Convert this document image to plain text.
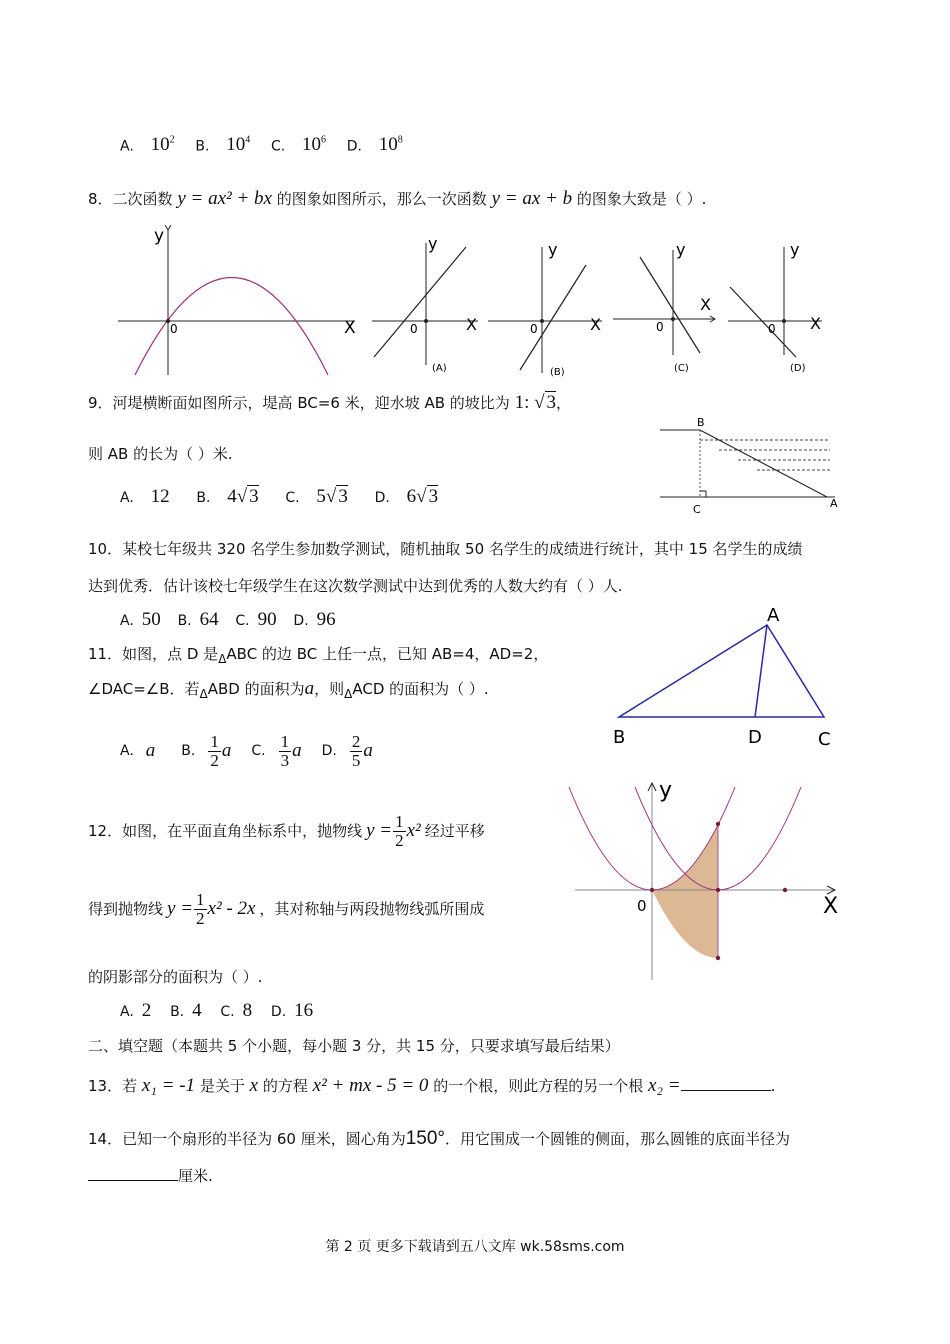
A. $10^2$ B. $10^4$ C. $10^6$ D. $10^8$
8．二次函数 y = ax² + bx 的图象如图所示，那么一次函数 y = ax + b 的图象大致是（ ）.
y
0	X
y
0	X
(A)
y
0	X
(B)
y
0
X
(C)
y
0 X
(D)
9．河堤横断面如图所示，堤高 BC=6 米，迎水坡 AB 的坡比为 1: √ 3，
则 AB 的长为（ ）米.
A. 12 B. 4√ 3 C. 5√ 3 D. 6√ 3
B
C	A
10．某校七年级共 320 名学生参加数学测试，随机抽取 50 名学生的成绩进行统计，其中 15 名学生的成绩
达到优秀．估计该校七年级学生在这次数学测试中达到优秀的人数大约有（ ）人.
A. 50 B. 64 C. 90 D. 96
11．如图，点 D 是$_\Delta$ABC 的边 BC 上任一点，已知 AB=4，AD=2，
∠DAC=∠B．若$_\Delta$ABD 的面积为a，则$_\Delta$ACD 的面积为（ ）.
A. a B. $\frac{1}{2}$ a C. $\frac{1}{3}$ a D. $\frac{2}{5}$ a
A
B	D	C
12．如图，在平面直角坐标系中，抛物线 $y = \frac{1}{2} x^2$ 经过平移
得到抛物线 $y = \frac{1}{2} x^2 - 2x$ ，其对称轴与两段抛物线弧所围成
的阴影部分的面积为（ ）.
A. 2 B. 4 C. 8 D. 16
y
0	X
二、填空题（本题共 5 个小题，每小题 3 分，共 15 分，只要求填写最后结果）
13．若 x₁ = -1 是关于 x 的方程 x² + mx - 5 = 0 的一个根，则此方程的另一个根 x₂ =	.
14．已知一个扇形的半径为 60 厘米，圆心角为150°．用它围成一个圆锥的侧面，那么圆锥的底面半径为
厘米.
第 2 页 更多下载请到五八文库 wk.58sms.com
